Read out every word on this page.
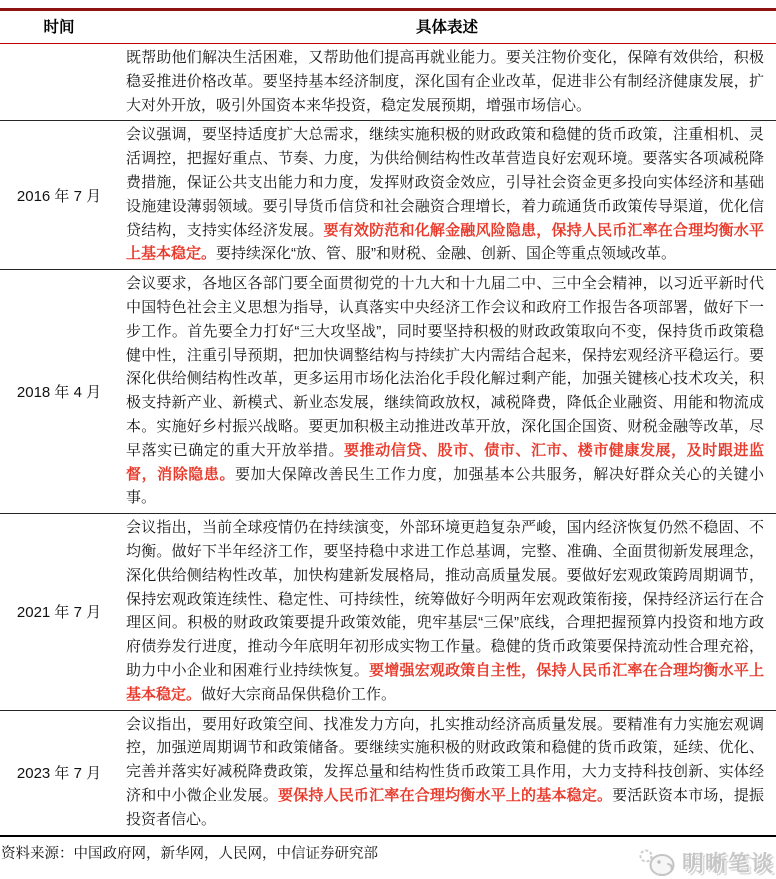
时间	具体表述
	既帮助他们解决生活困难，又帮助他们提高再就业能力。要关注物价变化，保障有效供给，积极稳妥推进价格改革。要坚持基本经济制度，深化国有企业改革，促进非公有制经济健康发展，扩大对外开放，吸引外国资本来华投资，稳定发展预期，增强市场信心。
2016 年 7 月	会议强调，要坚持适度扩大总需求，继续实施积极的财政政策和稳健的货币政策，注重相机、灵活调控，把握好重点、节奏、力度，为供给侧结构性改革营造良好宏观环境。要落实各项减税降费措施，保证公共支出能力和力度，发挥财政资金效应，引导社会资金更多投向实体经济和基础设施建设薄弱领域。要引导货币信贷和社会融资合理增长，着力疏通货币政策传导渠道，优化信贷结构，支持实体经济发展。要有效防范和化解金融风险隐患，保持人民币汇率在合理均衡水平上基本稳定。要持续深化“放、管、服”和财税、金融、创新、国企等重点领域改革。
2018 年 4 月	会议要求，各地区各部门要全面贯彻党的十九大和十九届二中、三中全会精神，以习近平新时代中国特色社会主义思想为指导，认真落实中央经济工作会议和政府工作报告各项部署，做好下一步工作。首先要全力打好“三大攻坚战”，同时要坚持积极的财政政策取向不变，保持货币政策稳健中性，注重引导预期，把加快调整结构与持续扩大内需结合起来，保持宏观经济平稳运行。要深化供给侧结构性改革，更多运用市场化法治化手段化解过剩产能，加强关键核心技术攻关，积极支持新产业、新模式、新业态发展，继续简政放权，减税降费，降低企业融资、用能和物流成本。实施好乡村振兴战略。要更加积极主动推进改革开放，深化国企国资、财税金融等改革，尽早落实已确定的重大开放举措。要推动信贷、股市、债市、汇市、楼市健康发展，及时跟进监督，消除隐患。要加大保障改善民生工作力度，加强基本公共服务，解决好群众关心的关键小事。
2021 年 7 月	会议指出，当前全球疫情仍在持续演变，外部环境更趋复杂严峻，国内经济恢复仍然不稳固、不均衡。做好下半年经济工作，要坚持稳中求进工作总基调，完整、准确、全面贯彻新发展理念，深化供给侧结构性改革，加快构建新发展格局，推动高质量发展。要做好宏观政策跨周期调节，保持宏观政策连续性、稳定性、可持续性，统筹做好今明两年宏观政策衔接，保持经济运行在合理区间。积极的财政政策要提升政策效能，兜牢基层“三保”底线，合理把握预算内投资和地方政府债券发行进度，推动今年底明年初形成实物工作量。稳健的货币政策要保持流动性合理充裕，助力中小企业和困难行业持续恢复。要增强宏观政策自主性，保持人民币汇率在合理均衡水平上基本稳定。做好大宗商品保供稳价工作。
2023 年 7 月	会议指出，要用好政策空间、找准发力方向，扎实推动经济高质量发展。要精准有力实施宏观调控，加强逆周期调节和政策储备。要继续实施积极的财政政策和稳健的货币政策，延续、优化、完善并落实好减税降费政策，发挥总量和结构性货币政策工具作用，大力支持科技创新、实体经济和中小微企业发展。要保持人民币汇率在合理均衡水平上的基本稳定。要活跃资本市场，提振投资者信心。
资料来源：中国政府网，新华网，人民网，中信证券研究部	明晰笔谈
